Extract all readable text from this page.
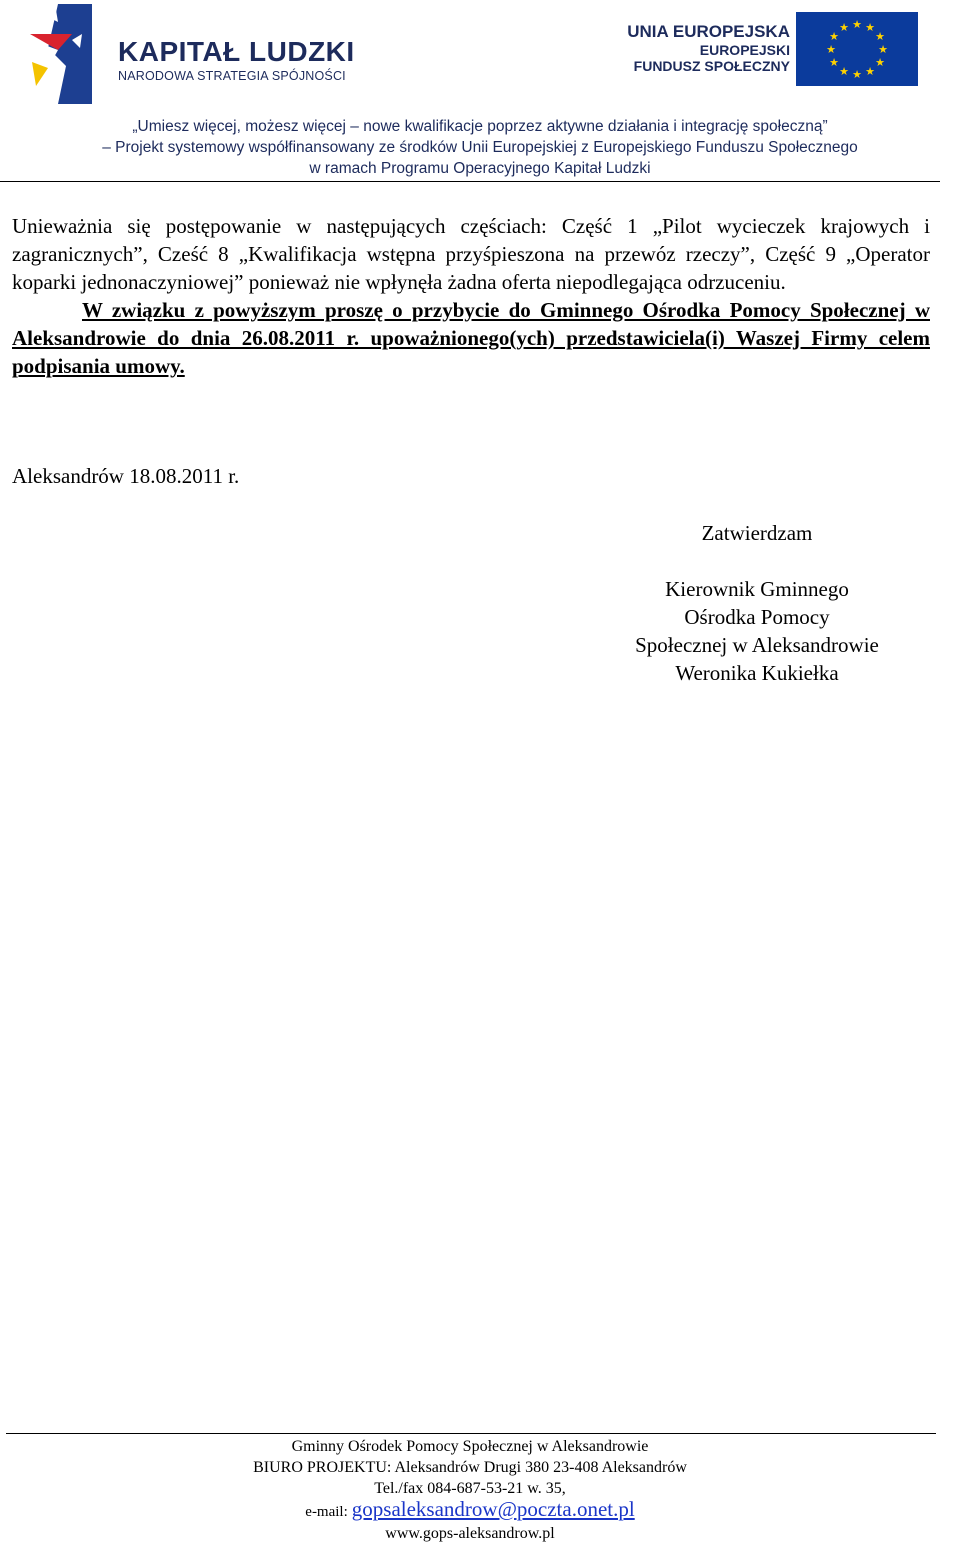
KAPITAŁ LUDZKI
NARODOWA STRATEGIA SPÓJNOŚCI
UNIA EUROPEJSKA
EUROPEJSKI
FUNDUSZ SPOŁECZNY
★ ★
★
★
★
★
★
★
★
★
★
★
„Umiesz więcej, możesz więcej – nowe kwalifikacje poprzez aktywne działania i integrację społeczną”
– Projekt systemowy współfinansowany ze środków Unii Europejskiej z Europejskiego Funduszu Społecznego
w ramach Programu Operacyjnego Kapitał Ludzki
Unieważnia się postępowanie w następujących częściach: Część 1 „Pilot wycieczek krajowych i zagranicznych”, Cześć 8 „Kwalifikacja wstępna przyśpieszona na przewóz rzeczy”, Część 9 „Operator koparki jednonaczyniowej” ponieważ nie wpłynęła żadna oferta niepodlegająca odrzuceniu.
W związku z powyższym proszę o przybycie do Gminnego Ośrodka Pomocy Społecznej w Aleksandrowie do dnia 26.08.2011 r. upoważnionego(ych) przedstawiciela(i) Waszej Firmy celem podpisania umowy.
Aleksandrów 18.08.2011 r.
Zatwierdzam
Kierownik Gminnego
Ośrodka Pomocy
Społecznej w Aleksandrowie
Weronika Kukiełka
Gminny Ośrodek Pomocy Społecznej w Aleksandrowie
BIURO PROJEKTU: Aleksandrów Drugi 380 23-408 Aleksandrów
Tel./fax 084-687-53-21 w. 35,
e-mail: gopsaleksandrow@poczta.onet.pl
www.gops-aleksandrow.pl
